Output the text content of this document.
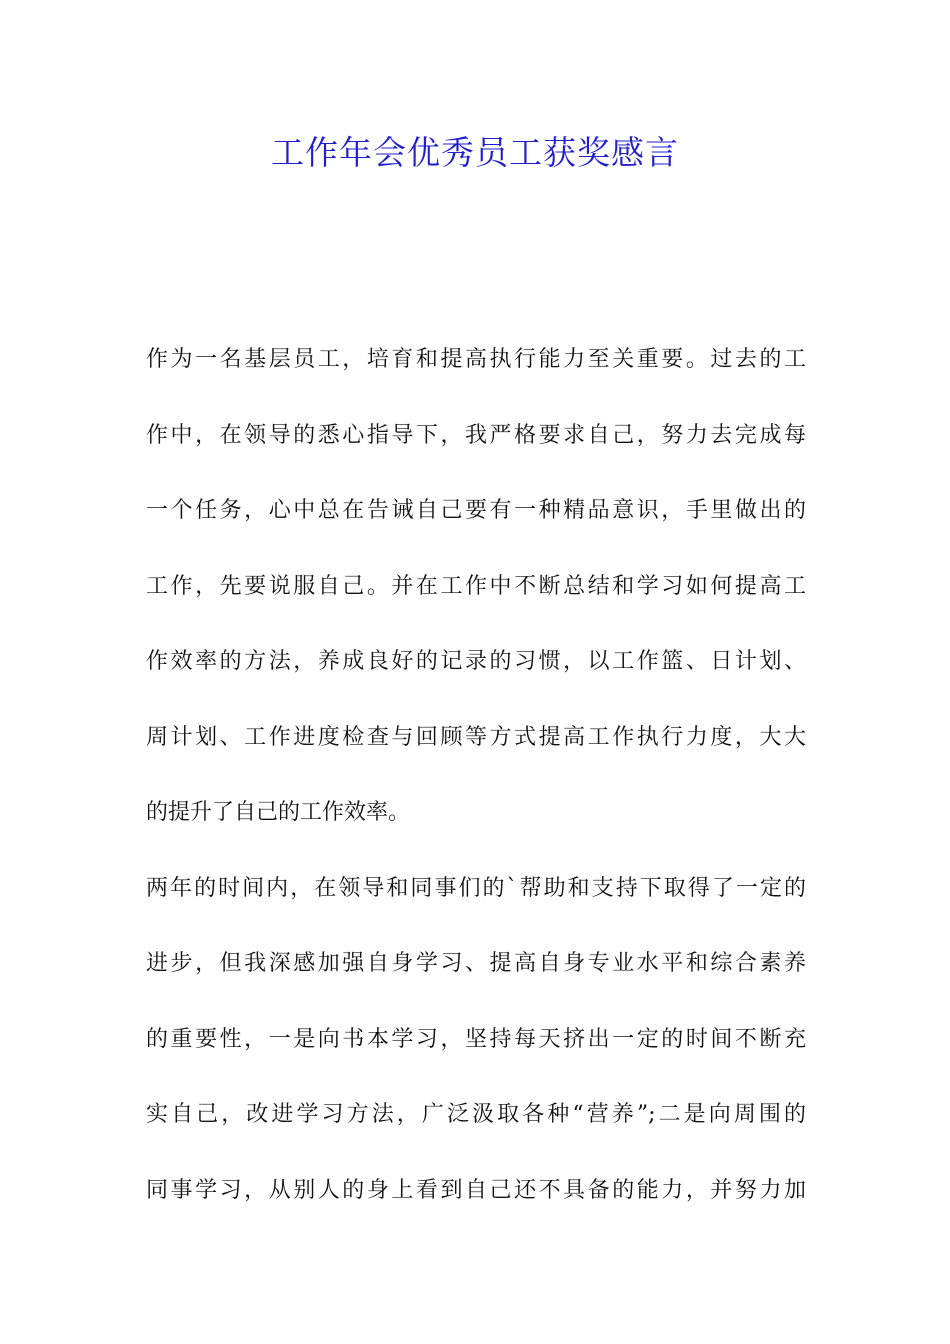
工作年会优秀员工获奖感言

作为一名基层员工，培育和提高执行能力至关重要。过去的工

作中，在领导的悉心指导下，我严格要求自己，努力去完成每

一个任务，心中总在告诫自己要有一种精品意识，手里做出的

工作，先要说服自己。并在工作中不断总结和学习如何提高工

作效率的方法，养成良好的记录的习惯，以工作篮、日计划、

周计划、工作进度检查与回顾等方式提高工作执行力度，大大

的提升了自己的工作效率。

两年的时间内，在领导和同事们的`帮助和支持下取得了一定的

进步，但我深感加强自身学习、提高自身专业水平和综合素养

的重要性，一是向书本学习，坚持每天挤出一定的时间不断充

实自己，改进学习方法，广泛汲取各种“营养”;二是向周围的

同事学习，从别人的身上看到自己还不具备的能力，并努力加
